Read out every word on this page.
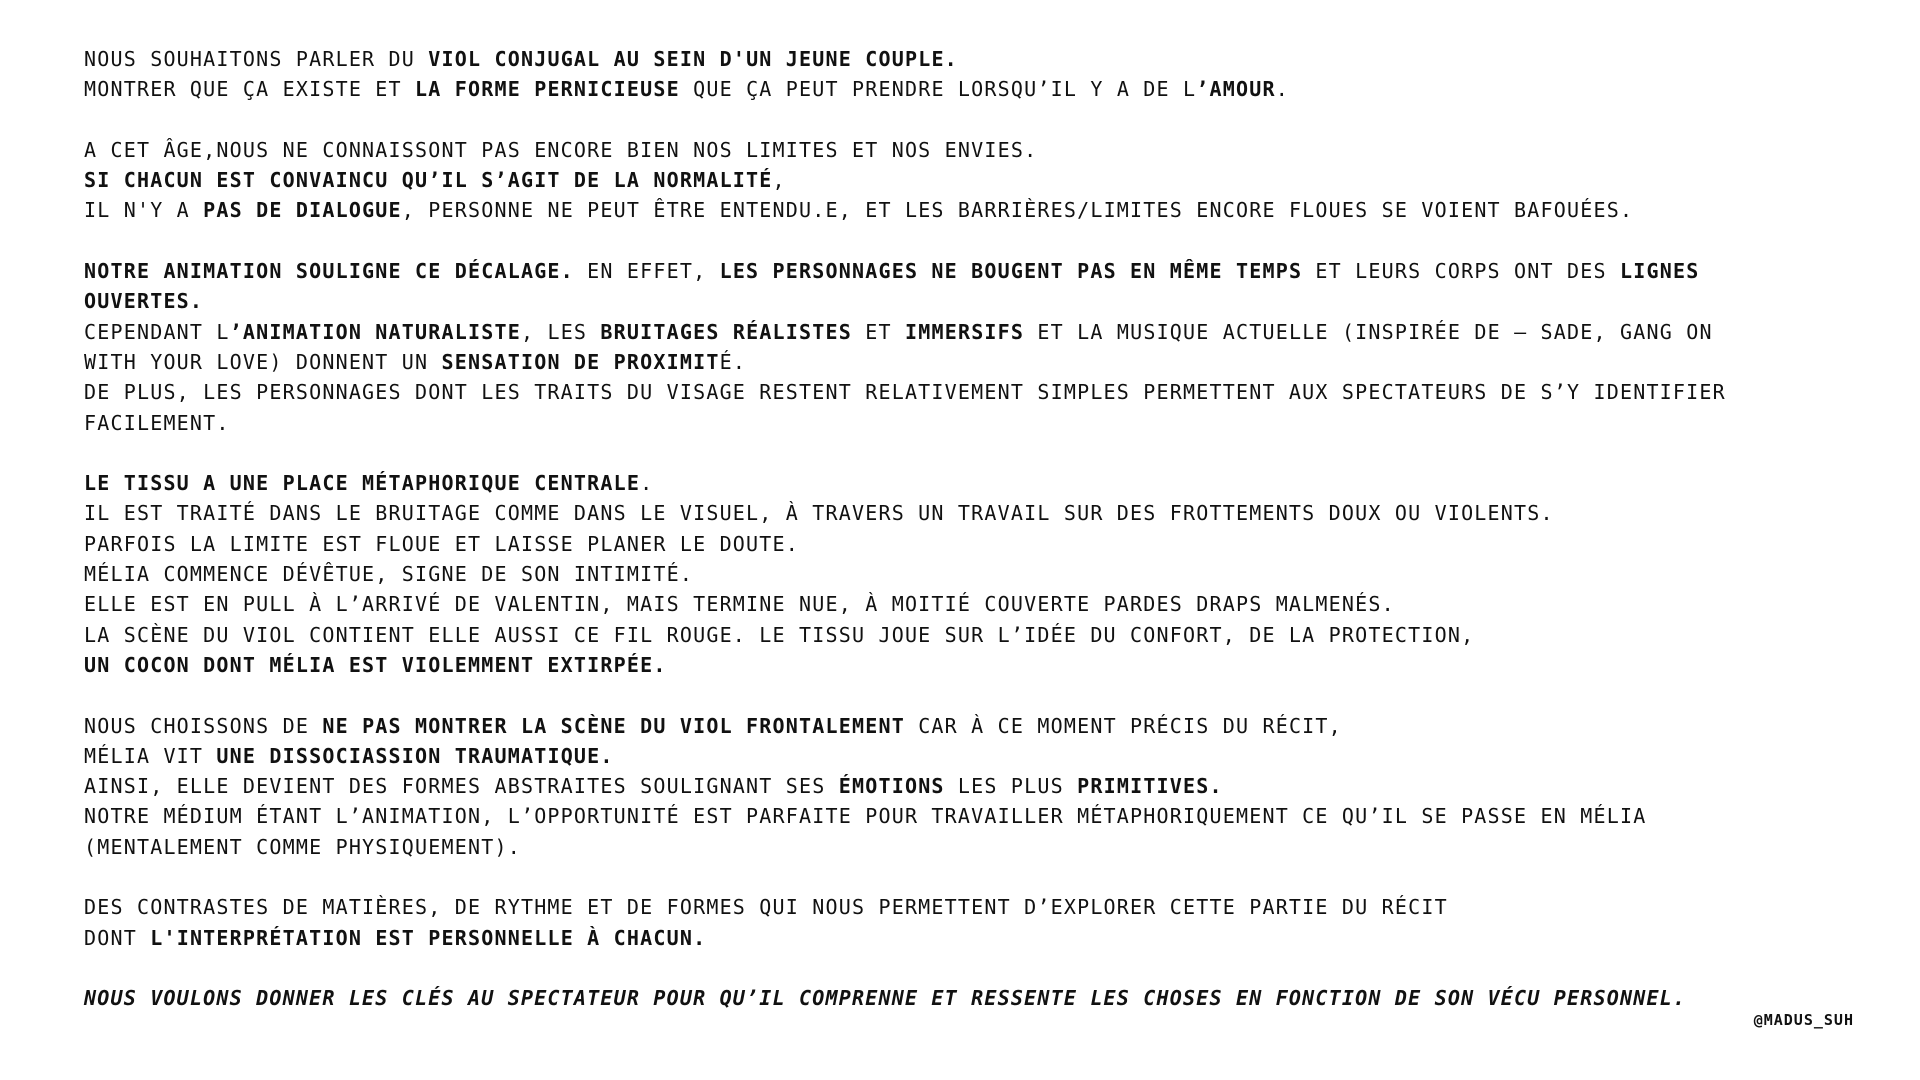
NOUS SOUHAITONS PARLER DU VIOL CONJUGAL AU SEIN D'UN JEUNE COUPLE.
MONTRER QUE ÇA EXISTE ET LA FORME PERNICIEUSE QUE ÇA PEUT PRENDRE LORSQU’IL Y A DE L’AMOUR.
A CET ÂGE,NOUS NE CONNAISSONT PAS ENCORE BIEN NOS LIMITES ET NOS ENVIES.
SI CHACUN EST CONVAINCU QU’IL S’AGIT DE LA NORMALITÉ,
IL N'Y A PAS DE DIALOGUE, PERSONNE NE PEUT ÊTRE ENTENDU.E, ET LES BARRIÈRES/LIMITES ENCORE FLOUES SE VOIENT BAFOUÉES.
NOTRE ANIMATION SOULIGNE CE DÉCALAGE. EN EFFET, LES PERSONNAGES NE BOUGENT PAS EN MÊME TEMPS ET LEURS CORPS ONT DES LIGNES
OUVERTES.
CEPENDANT L’ANIMATION NATURALISTE, LES BRUITAGES RÉALISTES ET IMMERSIFS ET LA MUSIQUE ACTUELLE (INSPIRÉE DE – SADE, GANG ON
WITH YOUR LOVE) DONNENT UN SENSATION DE PROXIMITÉ.
DE PLUS, LES PERSONNAGES DONT LES TRAITS DU VISAGE RESTENT RELATIVEMENT SIMPLES PERMETTENT AUX SPECTATEURS DE S’Y IDENTIFIER
FACILEMENT.
LE TISSU A UNE PLACE MÉTAPHORIQUE CENTRALE.
IL EST TRAITÉ DANS LE BRUITAGE COMME DANS LE VISUEL, À TRAVERS UN TRAVAIL SUR DES FROTTEMENTS DOUX OU VIOLENTS.
PARFOIS LA LIMITE EST FLOUE ET LAISSE PLANER LE DOUTE.
MÉLIA COMMENCE DÉVÊTUE, SIGNE DE SON INTIMITÉ.
ELLE EST EN PULL À L’ARRIVÉ DE VALENTIN, MAIS TERMINE NUE, À MOITIÉ COUVERTE PARDES DRAPS MALMENÉS.
LA SCÈNE DU VIOL CONTIENT ELLE AUSSI CE FIL ROUGE. LE TISSU JOUE SUR L’IDÉE DU CONFORT, DE LA PROTECTION,
UN COCON DONT MÉLIA EST VIOLEMMENT EXTIRPÉE.
NOUS CHOISSONS DE NE PAS MONTRER LA SCÈNE DU VIOL FRONTALEMENT CAR À CE MOMENT PRÉCIS DU RÉCIT,
MÉLIA VIT UNE DISSOCIASSION TRAUMATIQUE.
AINSI, ELLE DEVIENT DES FORMES ABSTRAITES SOULIGNANT SES ÉMOTIONS LES PLUS PRIMITIVES.
NOTRE MÉDIUM ÉTANT L’ANIMATION, L’OPPORTUNITÉ EST PARFAITE POUR TRAVAILLER MÉTAPHORIQUEMENT CE QU’IL SE PASSE EN MÉLIA
(MENTALEMENT COMME PHYSIQUEMENT).
DES CONTRASTES DE MATIÈRES, DE RYTHME ET DE FORMES QUI NOUS PERMETTENT D’EXPLORER CETTE PARTIE DU RÉCIT
DONT L'INTERPRÉTATION EST PERSONNELLE À CHACUN.
NOUS VOULONS DONNER LES CLÉS AU SPECTATEUR POUR QU’IL COMPRENNE ET RESSENTE LES CHOSES EN FONCTION DE SON VÉCU PERSONNEL.
@MADUS_SUH
